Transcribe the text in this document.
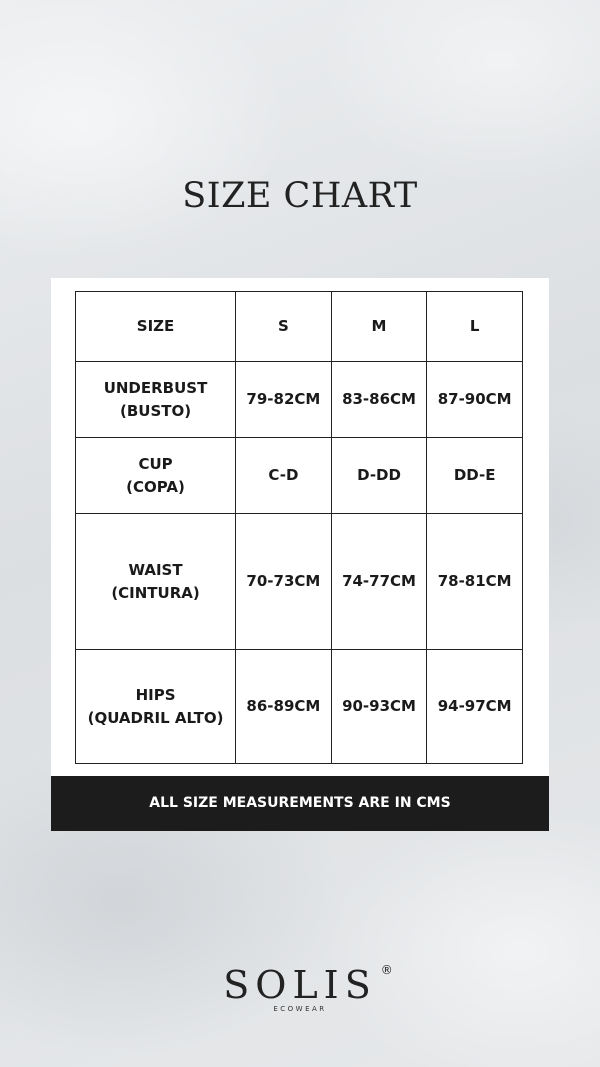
SIZE CHART
SIZE	S	M	L

UNDERBUST
(BUSTO)	79-82CM	83-86CM	87-90CM

CUP
(COPA)	C-D	D-DD	DD-E

WAIST
(CINTURA)	70-73CM	74-77CM	78-81CM

HIPS
(QUADRIL ALTO)	86-89CM	90-93CM	94-97CM
ALL SIZE MEASUREMENTS ARE IN CMS
SOLIS ®
ECOWEAR
